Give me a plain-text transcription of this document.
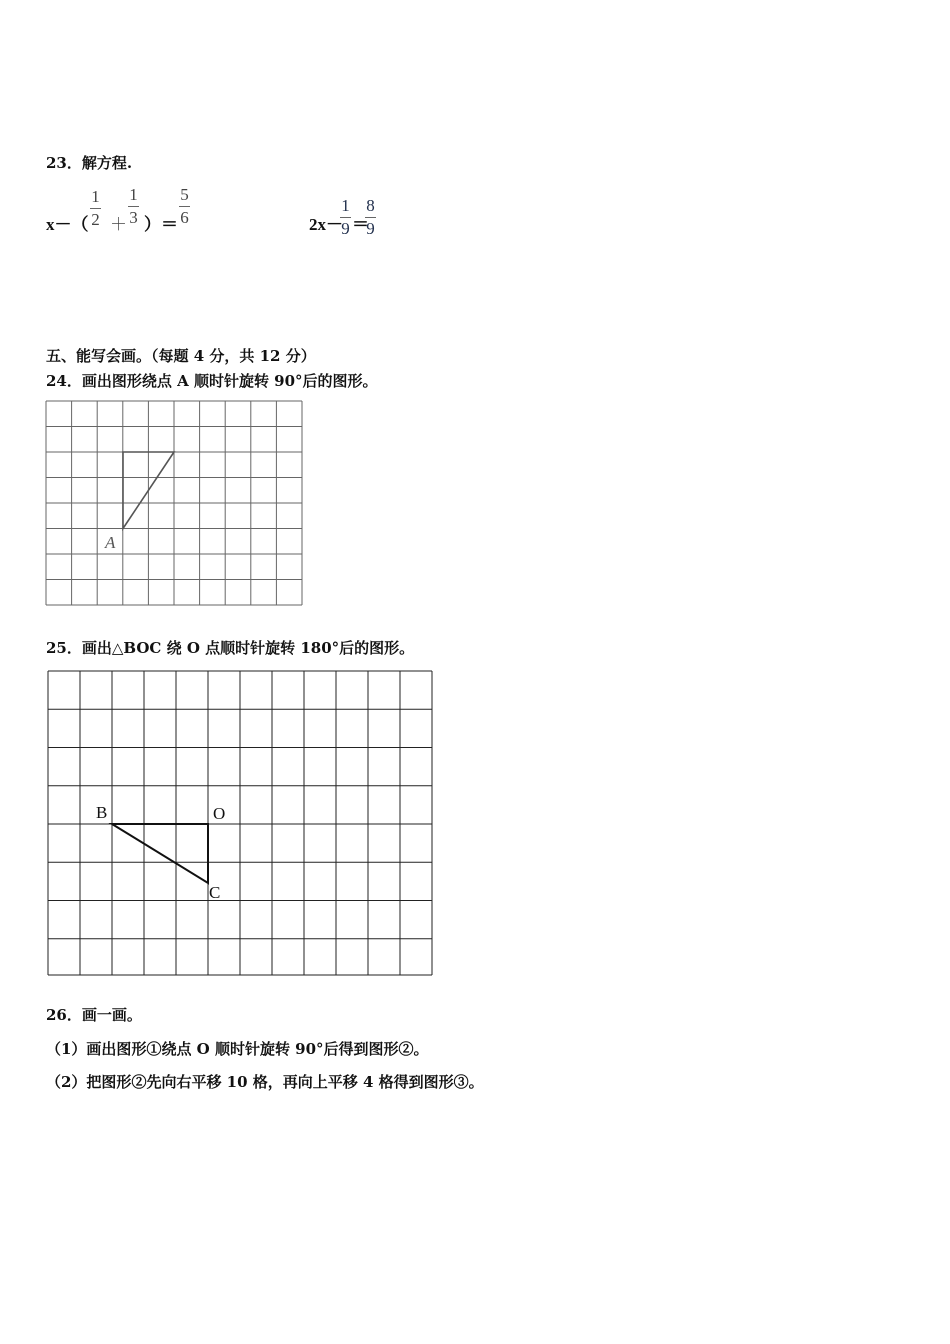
23．解方程.
x－（
1
2 ＋
1
3 ）＝
5
6	2x－
1
9 ＝
8
9
五、能写会画。（每题 4 分，共 12 分）
24．画出图形绕点 A 顺时针旋转 90°后的图形。
A
25．画出△BOC 绕 O 点顺时针旋转 180°后的图形。
B	O
C
26．画一画。
（1）画出图形①绕点 O 顺时针旋转 90°后得到图形②。
（2）把图形②先向右平移 10 格，再向上平移 4 格得到图形③。
